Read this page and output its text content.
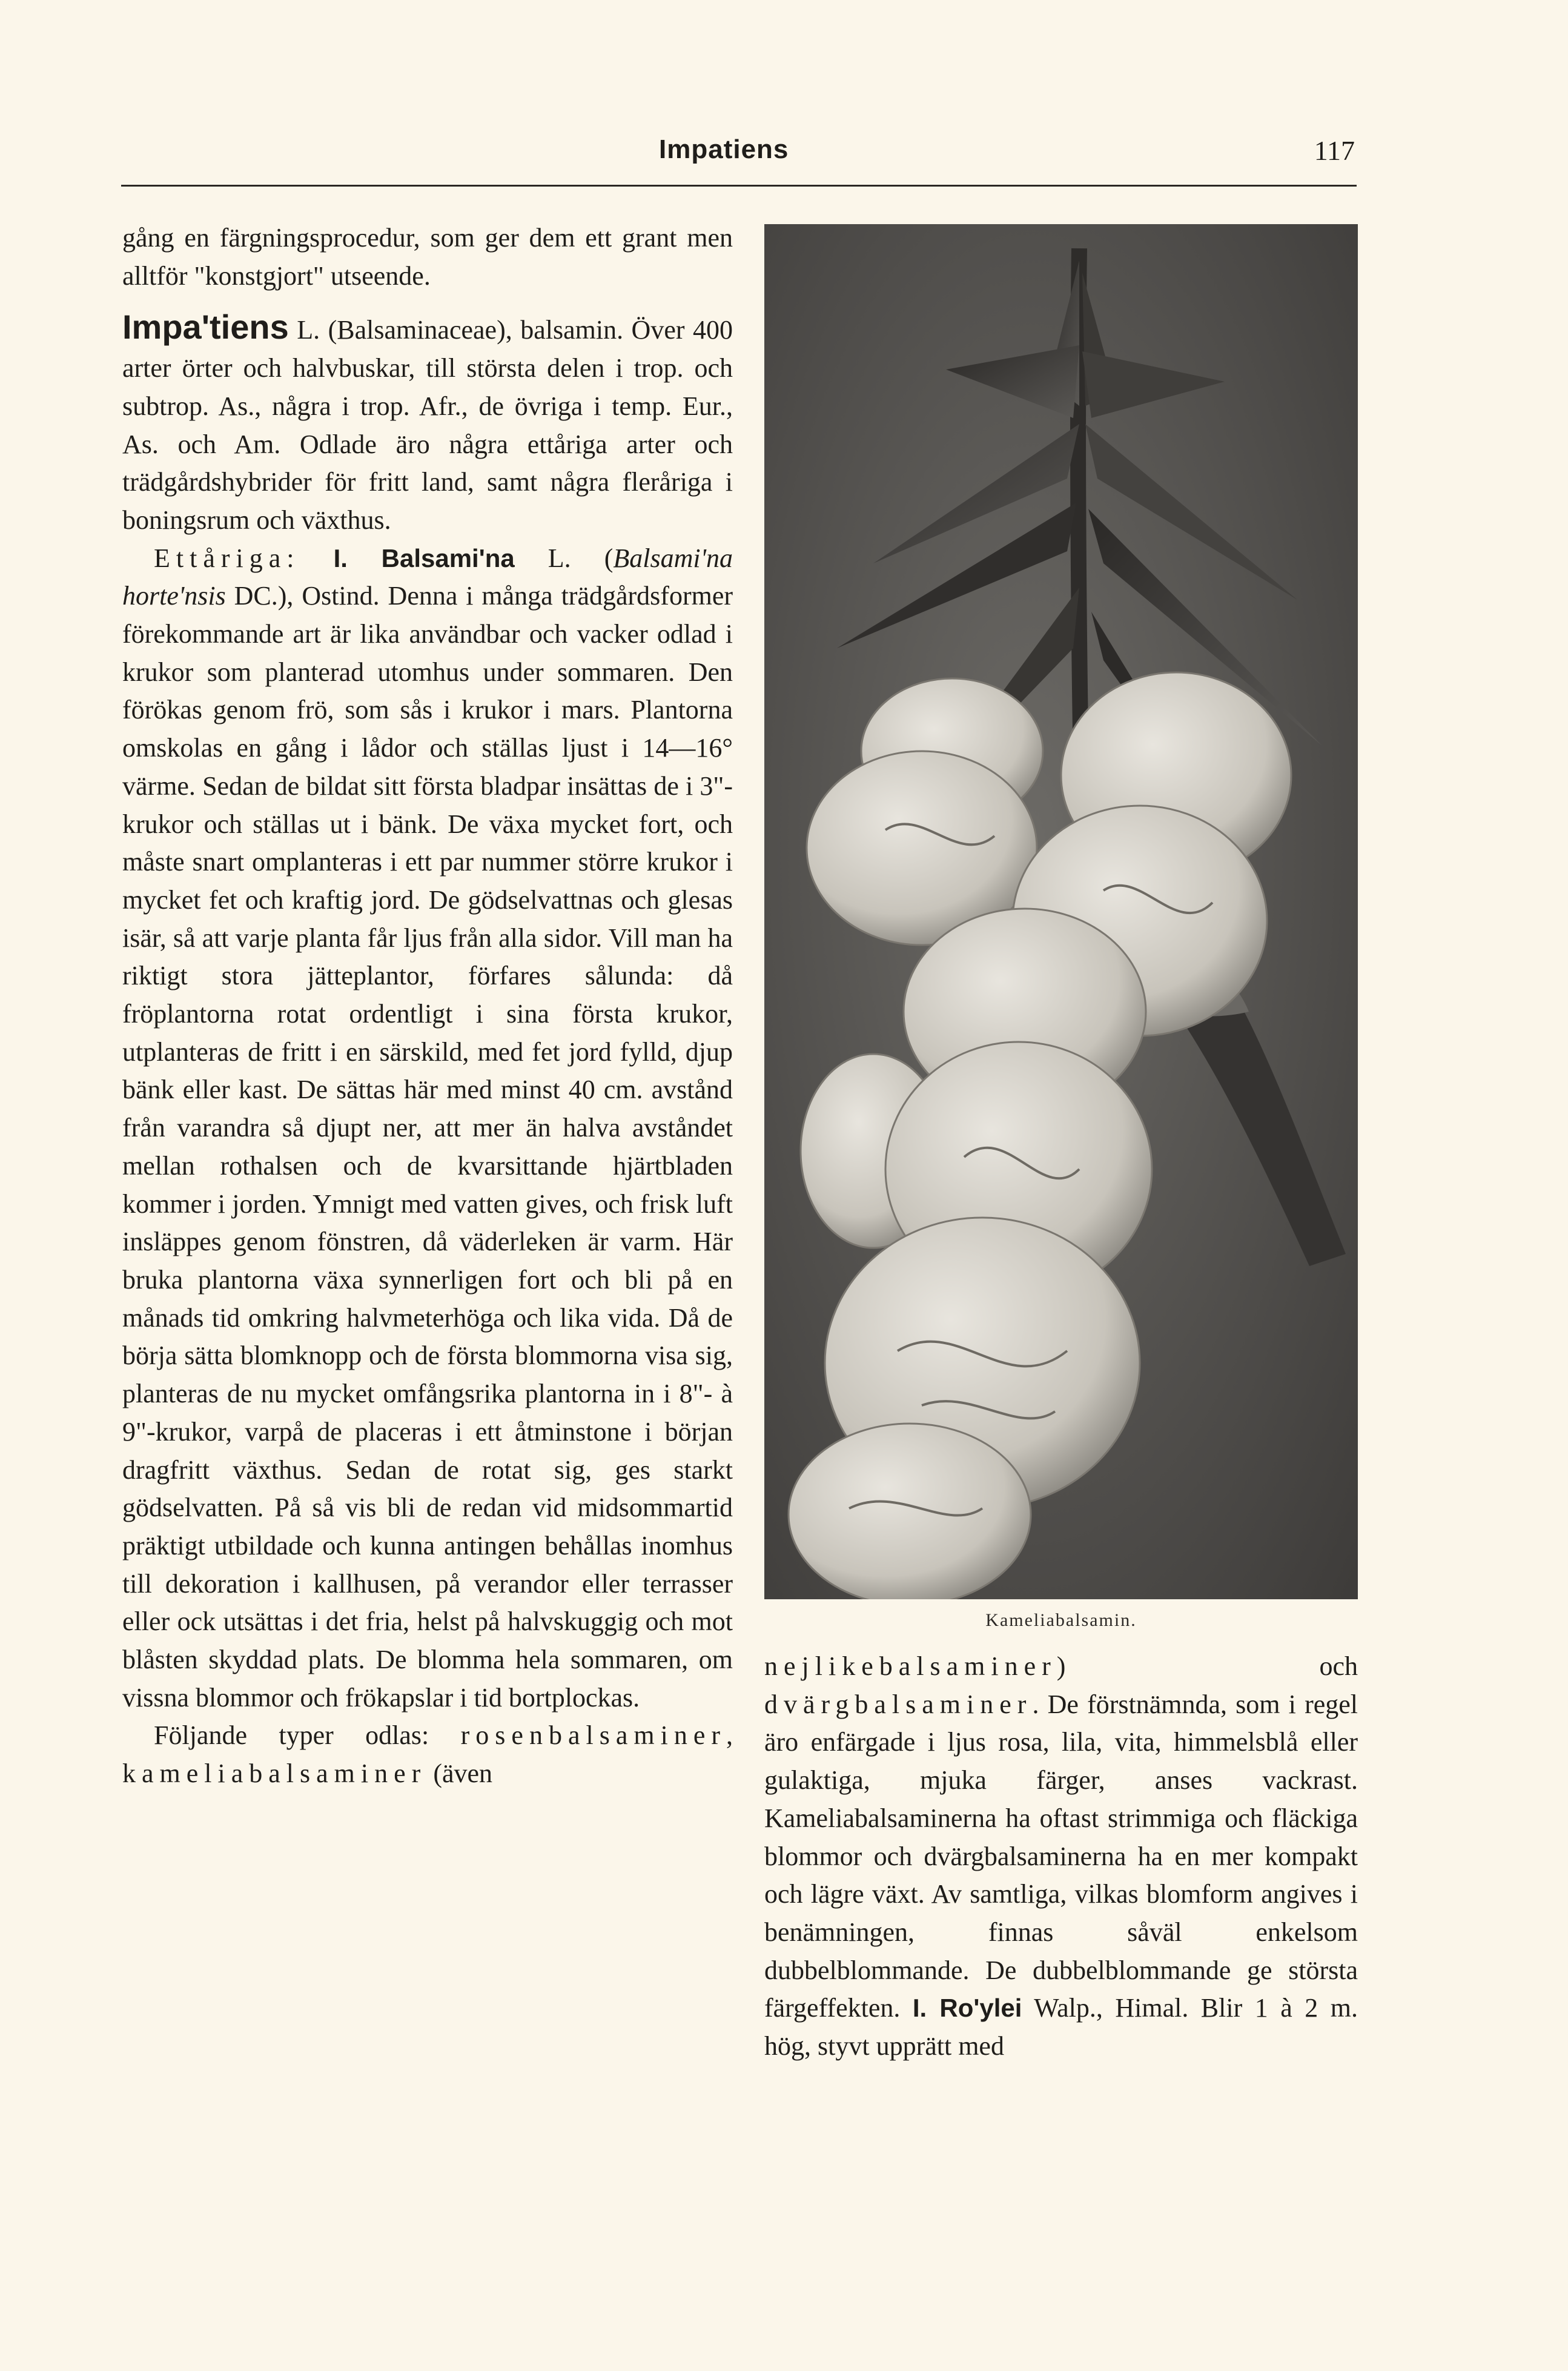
Impatiens	117

gång en färgningsprocedur, som ger dem ett grant men alltför "konstgjort" utseende.

Impa'tiens L. (Balsaminaceae), balsamin. Över 400 arter örter och halvbuskar, till största delen i trop. och subtrop. As., några i trop. Afr., de övriga i temp. Eur., As. och Am. Odlade äro några ettåriga arter och trädgårdshybrider för fritt land, samt några fleråriga i boningsrum och växthus.

Ettåriga: I. Balsami'na L. (Balsami'na horte'nsis DC.), Ostind. Denna i många trädgårdsformer förekommande art är lika användbar och vacker odlad i krukor som planterad utomhus under sommaren. Den förökas genom frö, som sås i krukor i mars. Plantorna omskolas en gång i lådor och ställas ljust i 14—16° värme. Sedan de bildat sitt första bladpar insättas de i 3"-krukor och ställas ut i bänk. De växa mycket fort, och måste snart omplanteras i ett par nummer större krukor i mycket fet och kraftig jord. De gödselvattnas och glesas isär, så att varje planta får ljus från alla sidor. Vill man ha riktigt stora jätteplantor, förfares sålunda: då fröplantorna rotat ordentligt i sina första krukor, utplanteras de fritt i en särskild, med fet jord fylld, djup bänk eller kast. De sättas här med minst 40 cm. avstånd från varandra så djupt ner, att mer än halva avståndet mellan rothalsen och de kvarsittande hjärtbladen kommer i jorden. Ymnigt med vatten gives, och frisk luft insläppes genom fönstren, då väderleken är varm. Här bruka plantorna växa synnerligen fort och bli på en månads tid omkring halvmeterhöga och lika vida. Då de börja sätta blomknopp och de första blommorna visa sig, planteras de nu mycket omfångsrika plantorna in i 8"- à 9"-krukor, varpå de placeras i ett åtminstone i början dragfritt växthus. Sedan de rotat sig, ges starkt gödselvatten. På så vis bli de redan vid midsommartid präktigt utbildade och kunna antingen behållas inomhus till dekoration i kallhusen, på verandor eller terrasser eller ock utsättas i det fria, helst på halvskuggig och mot blåsten skyddad plats. De blomma hela sommaren, om vissna blommor och frökapslar i tid bortplockas.

Följande typer odlas: rosenbalsaminer, kameliabalsaminer (även

Kameliabalsamin.

nejlikebalsaminer) och dvärgbalsaminer. De förstnämnda, som i regel äro enfärgade i ljus rosa, lila, vita, himmelsblå eller gulaktiga, mjuka färger, anses vackrast. Kameliabalsaminerna ha oftast strimmiga och fläckiga blommor och dvärgbalsaminerna ha en mer kompakt och lägre växt. Av samtliga, vilkas blomform angives i benämningen, finnas såväl enkelsom dubbelblommande. De dubbelblommande ge största färgeffekten. I. Ro'ylei Walp., Himal. Blir 1 à 2 m. hög, styvt upprätt med
